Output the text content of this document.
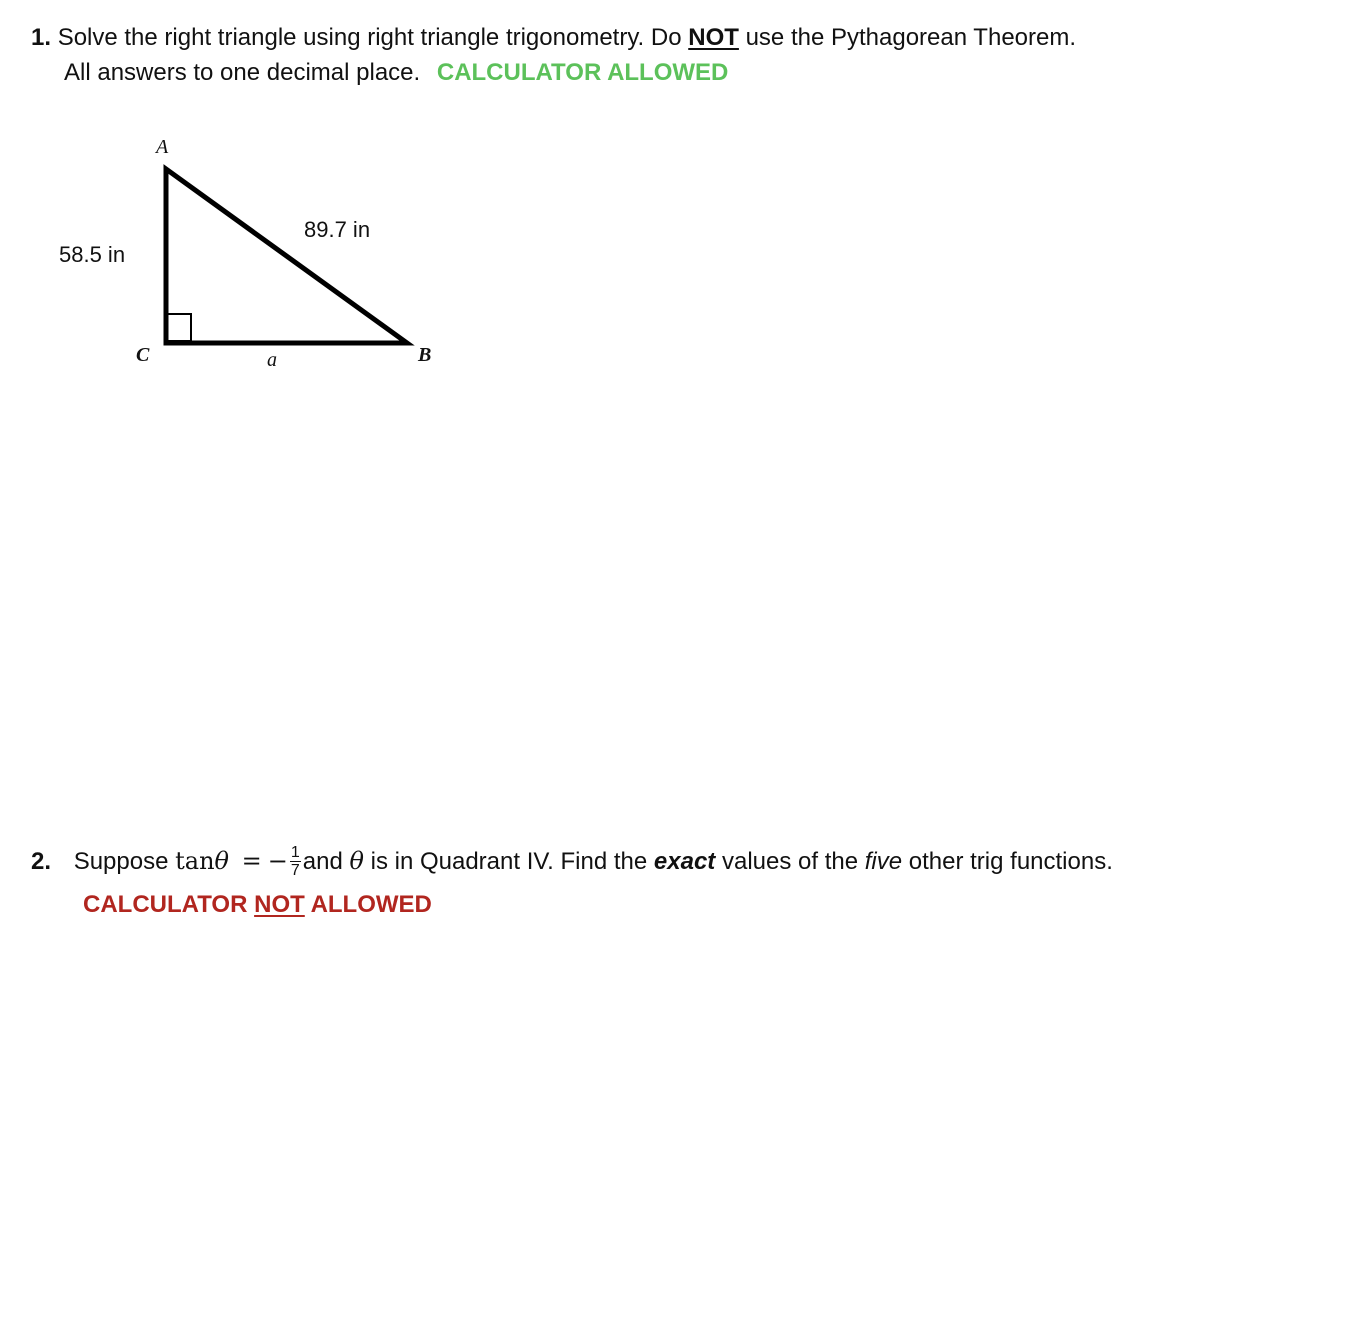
1. Solve the right triangle using right triangle trigonometry. Do NOT use the Pythagorean Theorem.
All answers to one decimal place. CALCULATOR ALLOWED
A
C	B
a
58.5 in
89.7 in
2. Suppose tanθ = − $\frac{1}{7}$ and θ is in Quadrant IV. Find the exact values of the five other trig functions.
CALCULATOR NOT ALLOWED
